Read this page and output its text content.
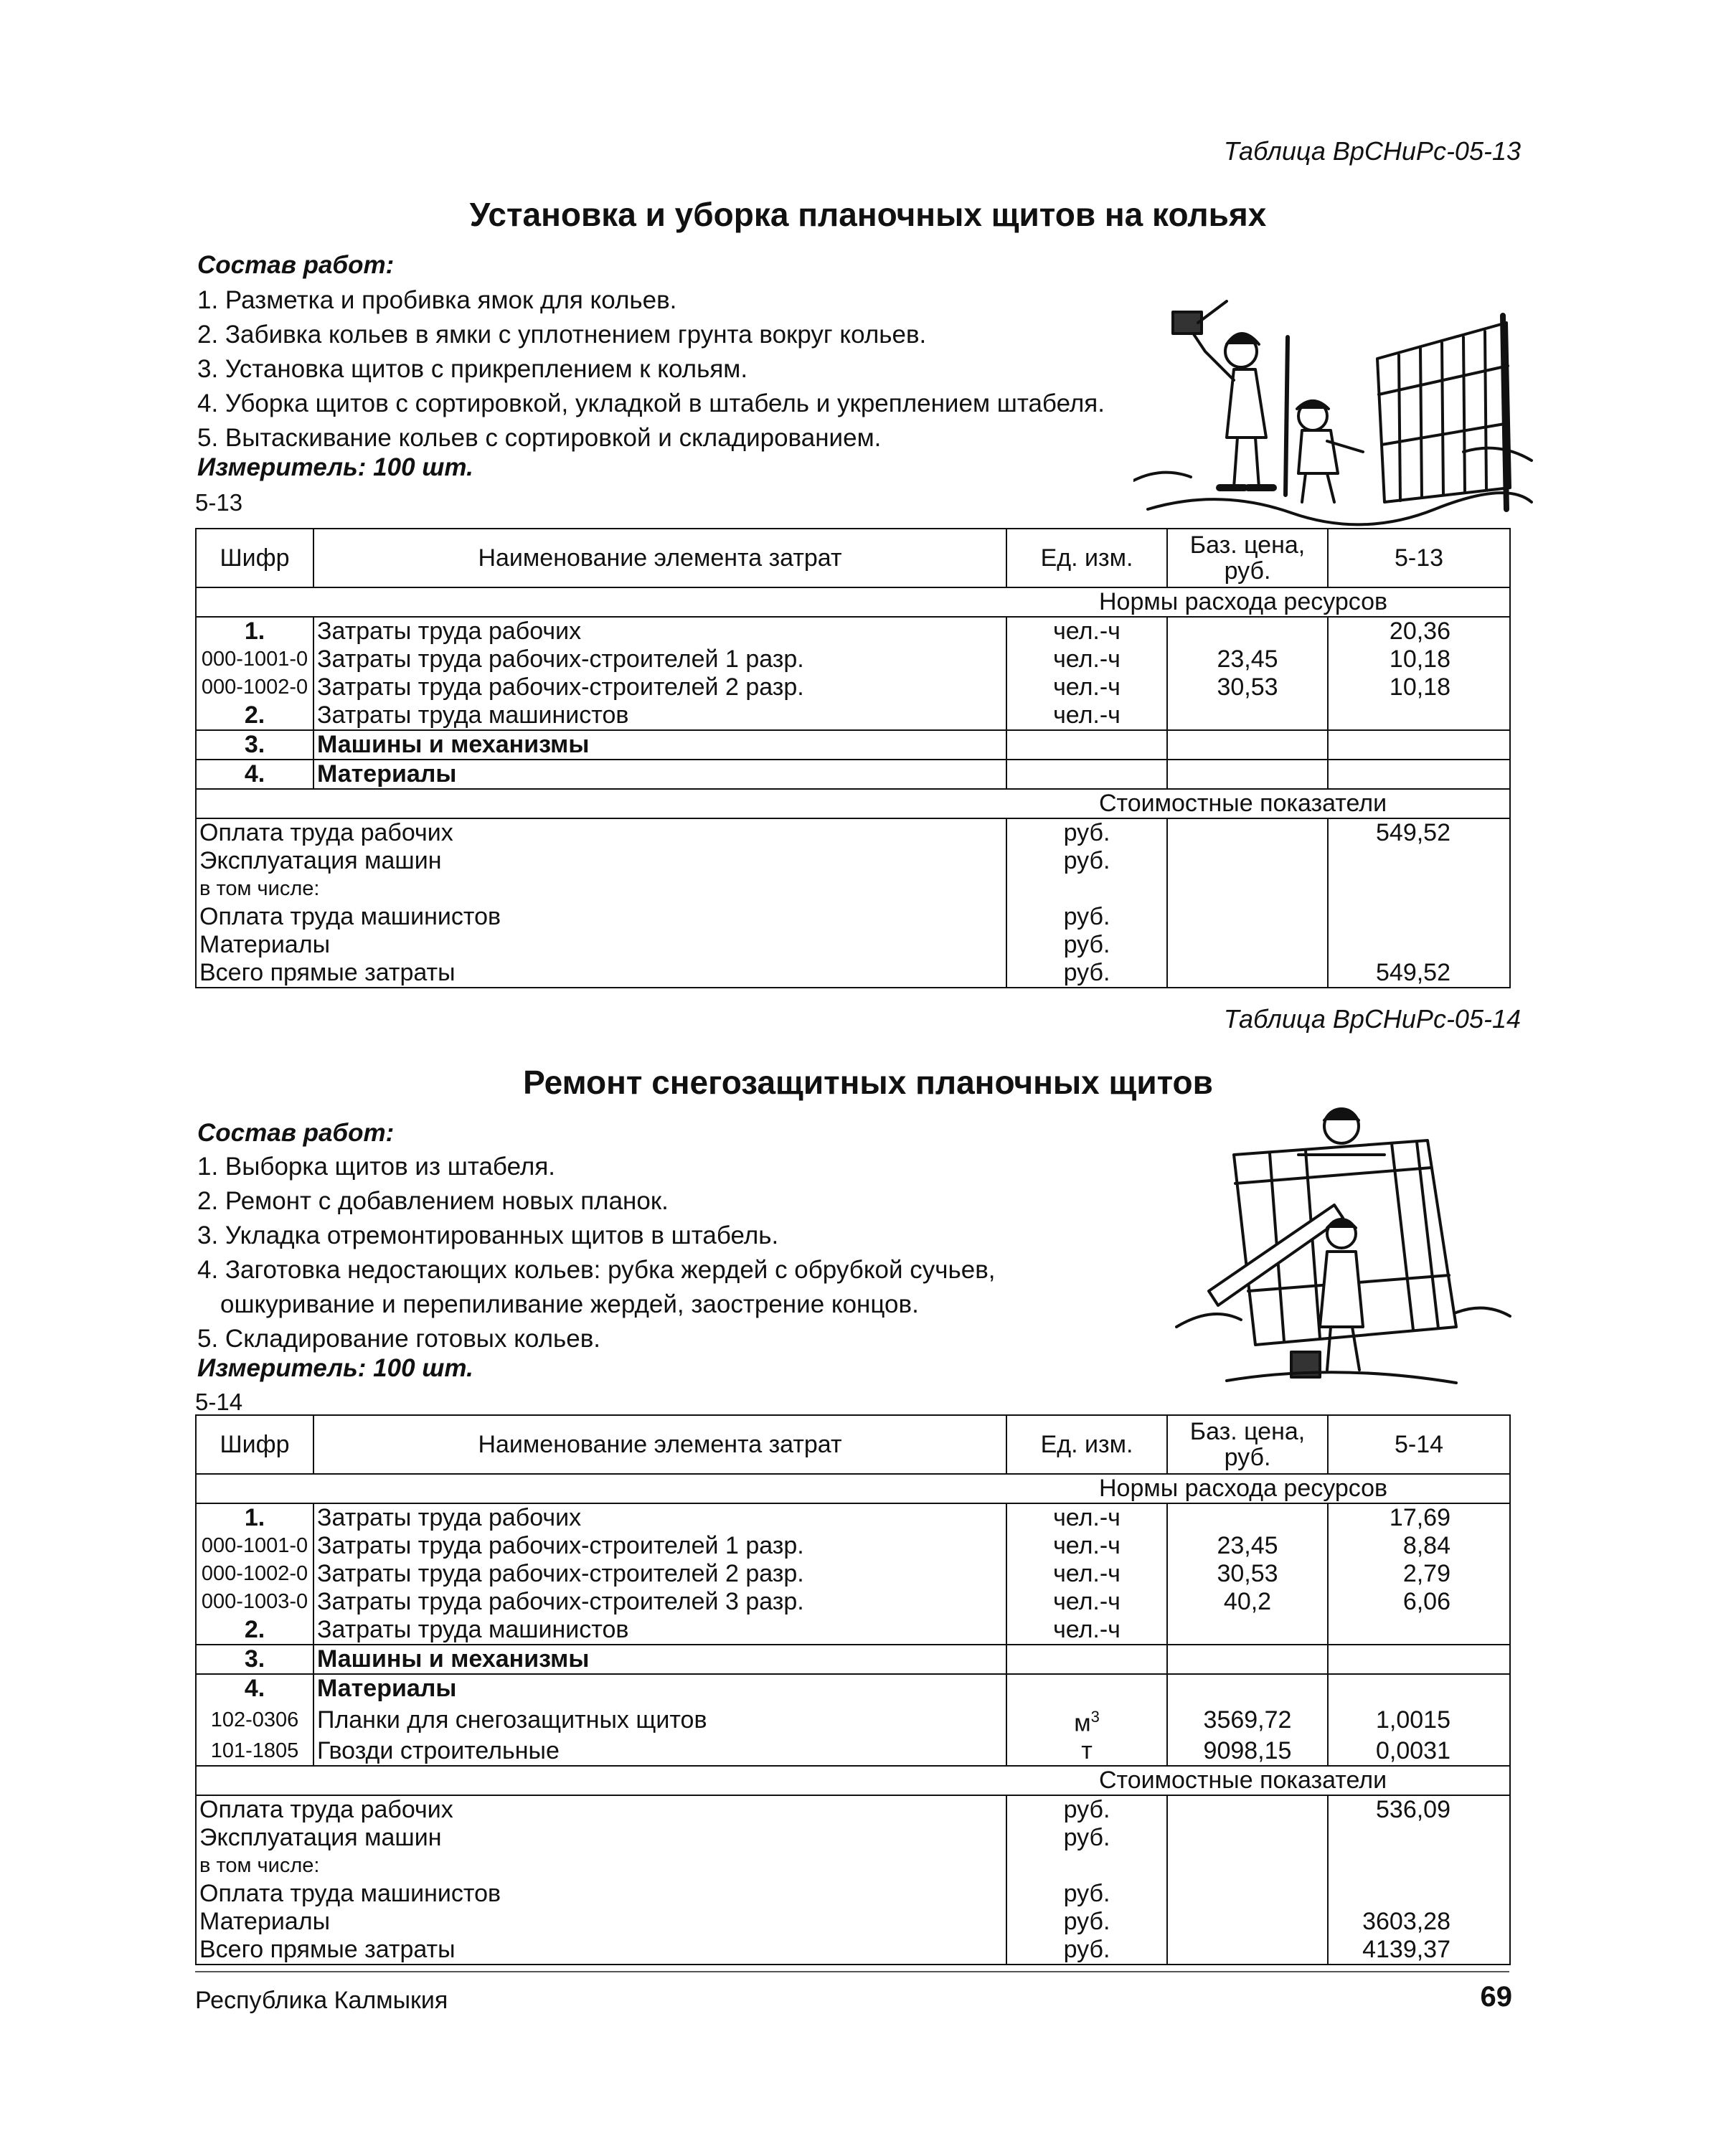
Таблица ВрСНиРс-05-13
Установка и уборка планочных щитов на кольях
Состав работ:
1. Разметка и пробивка ямок для кольев.
2. Забивка кольев в ямки с уплотнением грунта вокруг кольев.
3. Установка щитов с прикреплением к кольям.
4. Уборка щитов с сортировкой, укладкой в штабель и укреплением штабеля.
5. Вытаскивание кольев с сортировкой и складированием.
Измеритель: 100 шт.
5-13
Шифр	Наименование элемента затрат	Ед. изм.	Баз. цена, руб.	5-13
Нормы расхода ресурсов				
1.	Затраты труда рабочих	чел.-ч		20,36
000-1001-0	Затраты труда рабочих-строителей 1 разр.	чел.-ч	23,45	10,18
000-1002-0	Затраты труда рабочих-строителей 2 разр.	чел.-ч	30,53	10,18
2.	Затраты труда машинистов	чел.-ч		
3.	Машины и механизмы			
4.	Материалы			
Стоимостные показатели				
Оплата труда рабочих		руб.		549,52
Эксплуатация машин		руб.		
в том числе:				
Оплата труда машинистов		руб.		
Материалы		руб.		
Всего прямые затраты		руб.		549,52
Таблица ВрСНиРс-05-14
Ремонт снегозащитных планочных щитов
Состав работ:
1. Выборка щитов из штабеля.
2. Ремонт с добавлением новых планок.
3. Укладка отремонтированных щитов в штабель.
4. Заготовка недостающих кольев: рубка жердей с обрубкой сучьев,
ошкуривание и перепиливание жердей, заострение концов.
5. Складирование готовых кольев.
Измеритель: 100 шт.
5-14
Шифр	Наименование элемента затрат	Ед. изм.	Баз. цена, руб.	5-14
Нормы расхода ресурсов				
1.	Затраты труда рабочих	чел.-ч		17,69
000-1001-0	Затраты труда рабочих-строителей 1 разр.	чел.-ч	23,45	8,84
000-1002-0	Затраты труда рабочих-строителей 2 разр.	чел.-ч	30,53	2,79
000-1003-0	Затраты труда рабочих-строителей 3 разр.	чел.-ч	40,2	6,06
2.	Затраты труда машинистов	чел.-ч		
3.	Машины и механизмы			
4.	Материалы			
102-0306	Планки для снегозащитных щитов	$м^3$	3569,72	1,0015
101-1805	Гвозди строительные	т	9098,15	0,0031
Стоимостные показатели				
Оплата труда рабочих		руб.		536,09
Эксплуатация машин		руб.		
в том числе:				
Оплата труда машинистов		руб.		
Материалы		руб.		3603,28
Всего прямые затраты		руб.		4139,37
Республика Калмыкия	69
